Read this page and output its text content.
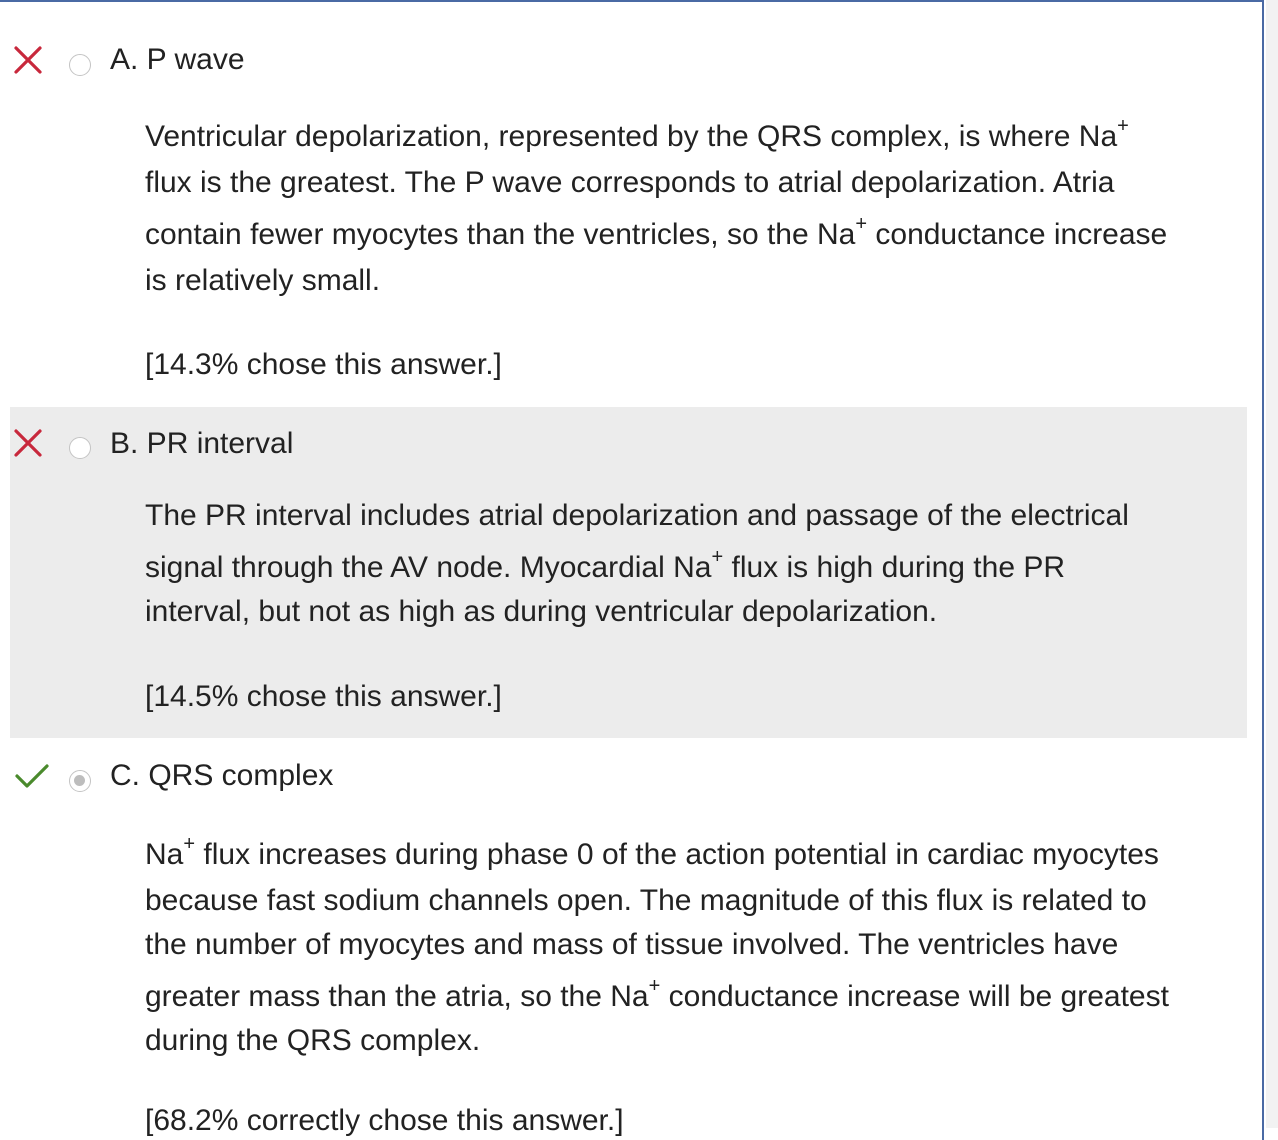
A. P wave
Ventricular depolarization, represented by the QRS complex, is where Na+
flux is the greatest. The P wave corresponds to atrial depolarization. Atria
contain fewer myocytes than the ventricles, so the Na+ conductance increase
is relatively small.
[14.3% chose this answer.]
B. PR interval
The PR interval includes atrial depolarization and passage of the electrical
signal through the AV node. Myocardial Na+ flux is high during the PR
interval, but not as high as during ventricular depolarization.
[14.5% chose this answer.]
C. QRS complex
Na+ flux increases during phase 0 of the action potential in cardiac myocytes
because fast sodium channels open. The magnitude of this flux is related to
the number of myocytes and mass of tissue involved. The ventricles have
greater mass than the atria, so the Na+ conductance increase will be greatest
during the QRS complex.
[68.2% correctly chose this answer.]
